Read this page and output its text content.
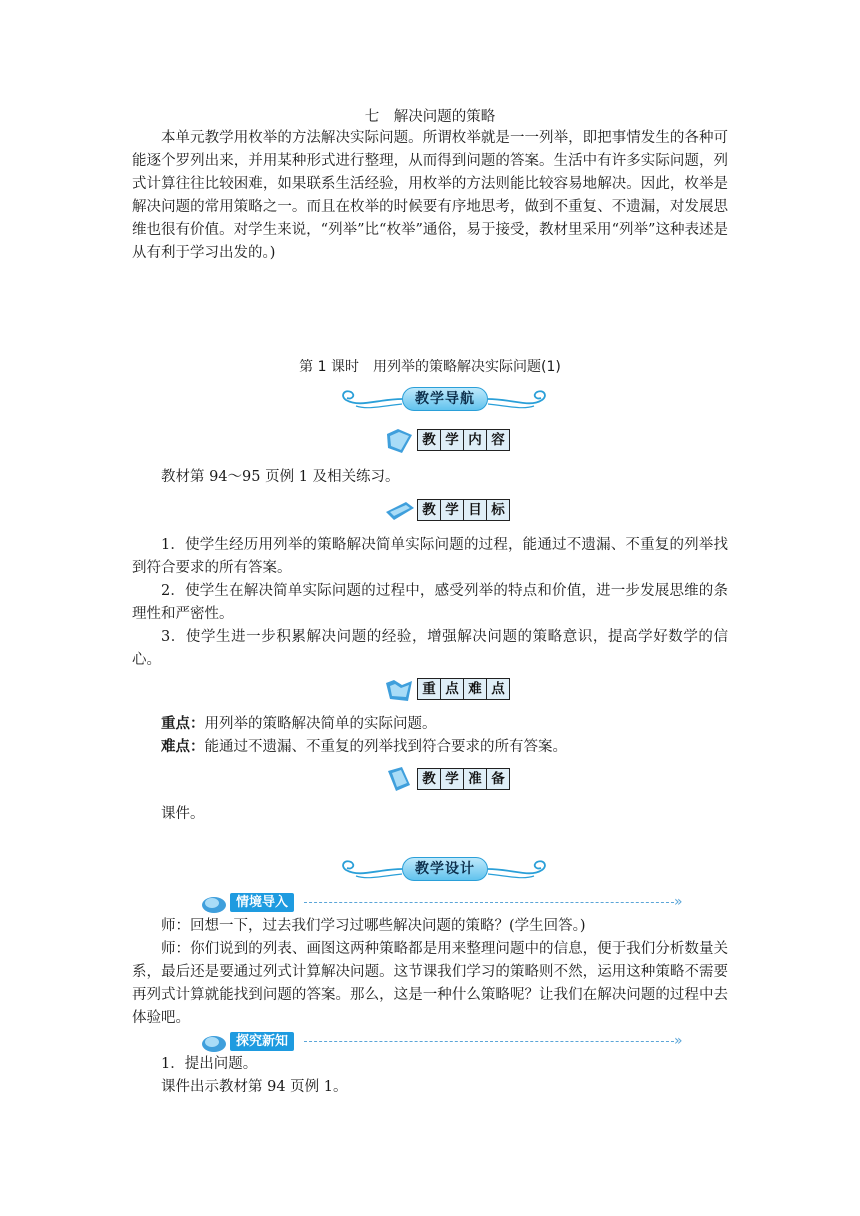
七　解决问题的策略

本单元教学用枚举的方法解决实际问题。所谓枚举就是一一列举，即把事情发生的各种可能逐个罗列出来，并用某种形式进行整理，从而得到问题的答案。生活中有许多实际问题，列式计算往往比较困难，如果联系生活经验，用枚举的方法则能比较容易地解决。因此，枚举是解决问题的常用策略之一。而且在枚举的时候要有序地思考，做到不重复、不遗漏，对发展思维也很有价值。对学生来说，“列举”比“枚举”通俗，易于接受，教材里采用“列举”这种表述是从有利于学习出发的。)

第 1 课时　用列举的策略解决实际问题(1)
教学导航
教 学 内 容

教材第 94～95 页例 1 及相关练习。

教 学 目 标

1．使学生经历用列举的策略解决简单实际问题的过程，能通过不遗漏、不重复的列举找到符合要求的所有答案。

2．使学生在解决简单实际问题的过程中，感受列举的特点和价值，进一步发展思维的条理性和严密性。

3．使学生进一步积累解决问题的经验，增强解决问题的策略意识，提高学好数学的信心。

重 点 难 点

重点：用列举的策略解决简单的实际问题。

难点：能通过不遗漏、不重复的列举找到符合要求的所有答案。

教 学 准 备

课件。

教学设计
情境导入	»

师：回想一下，过去我们学习过哪些解决问题的策略？(学生回答。)

师：你们说到的列表、画图这两种策略都是用来整理问题中的信息，便于我们分析数量关系，最后还是要通过列式计算解决问题。这节课我们学习的策略则不然，运用这种策略不需要再列式计算就能找到问题的答案。那么，这是一种什么策略呢？让我们在解决问题的过程中去体验吧。

探究新知	»

1．提出问题。

课件出示教材第 94 页例 1。
